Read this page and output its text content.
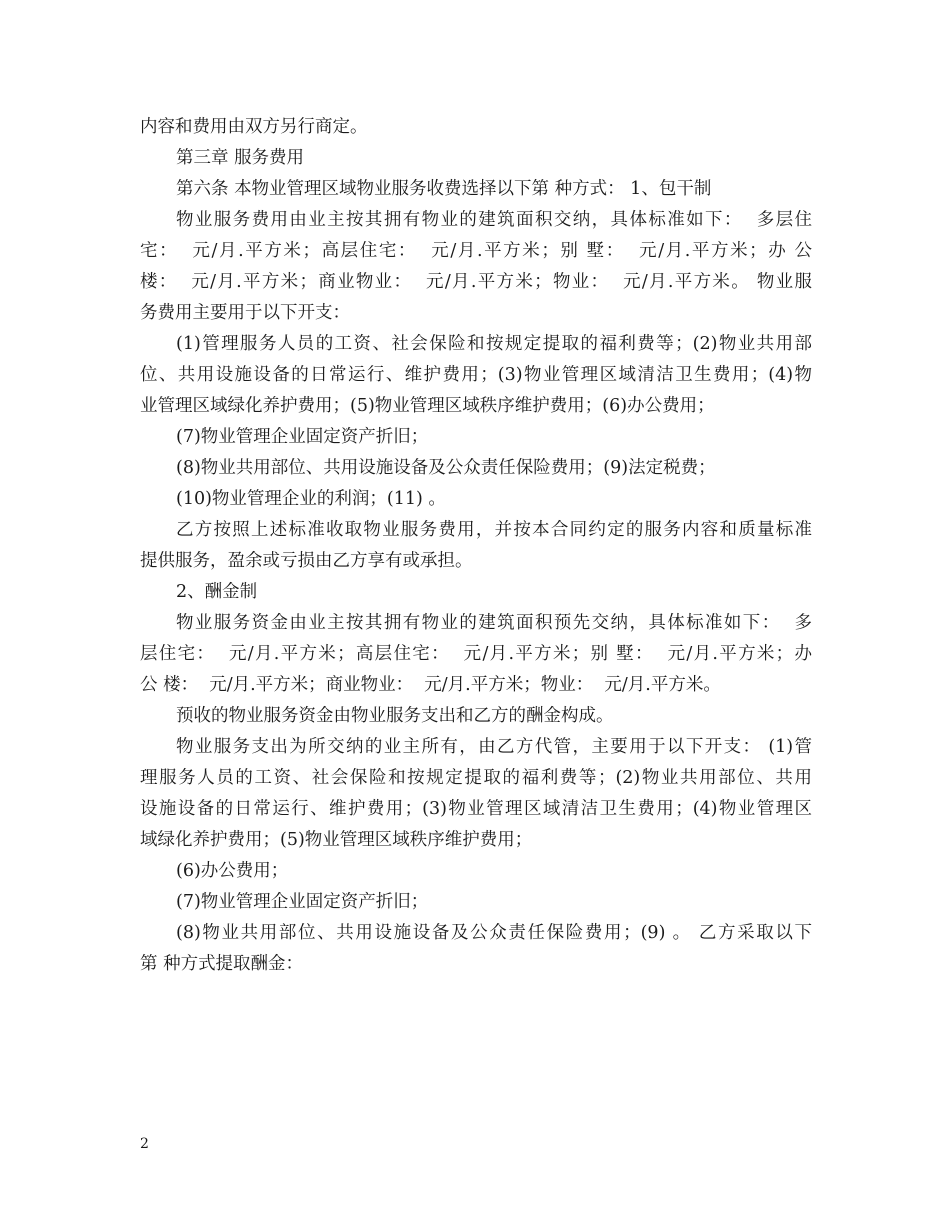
内容和费用由双方另行商定。
第三章 服务费用
第六条 本物业管理区域物业服务收费选择以下第 种方式： 1、包干制
物业服务费用由业主按其拥有物业的建筑面积交纳，具体标准如下：  多层住
宅：  元/月.平方米；高层住宅：  元/月.平方米；别 墅：  元/月.平方米；办 公
楼：  元/月.平方米；商业物业：  元/月.平方米；物业：  元/月.平方米。 物业服
务费用主要用于以下开支：
(1)管理服务人员的工资、社会保险和按规定提取的福利费等；(2)物业共用部
位、共用设施设备的日常运行、维护费用；(3)物业管理区域清洁卫生费用；(4)物
业管理区域绿化养护费用；(5)物业管理区域秩序维护费用；(6)办公费用；
(7)物业管理企业固定资产折旧；
(8)物业共用部位、共用设施设备及公众责任保险费用；(9)法定税费；
(10)物业管理企业的利润；(11) 。
乙方按照上述标准收取物业服务费用，并按本合同约定的服务内容和质量标准
提供服务，盈余或亏损由乙方享有或承担。
2、酬金制
物业服务资金由业主按其拥有物业的建筑面积预先交纳，具体标准如下：  多
层住宅：  元/月.平方米；高层住宅：  元/月.平方米；别 墅：  元/月.平方米；办
公 楼：  元/月.平方米；商业物业：  元/月.平方米；物业：  元/月.平方米。
预收的物业服务资金由物业服务支出和乙方的酬金构成。
物业服务支出为所交纳的业主所有，由乙方代管，主要用于以下开支： (1)管
理服务人员的工资、社会保险和按规定提取的福利费等；(2)物业共用部位、共用
设施设备的日常运行、维护费用；(3)物业管理区域清洁卫生费用；(4)物业管理区
域绿化养护费用；(5)物业管理区域秩序维护费用；
(6)办公费用；
(7)物业管理企业固定资产折旧；
(8)物业共用部位、共用设施设备及公众责任保险费用；(9) 。 乙方采取以下
第 种方式提取酬金：
2
